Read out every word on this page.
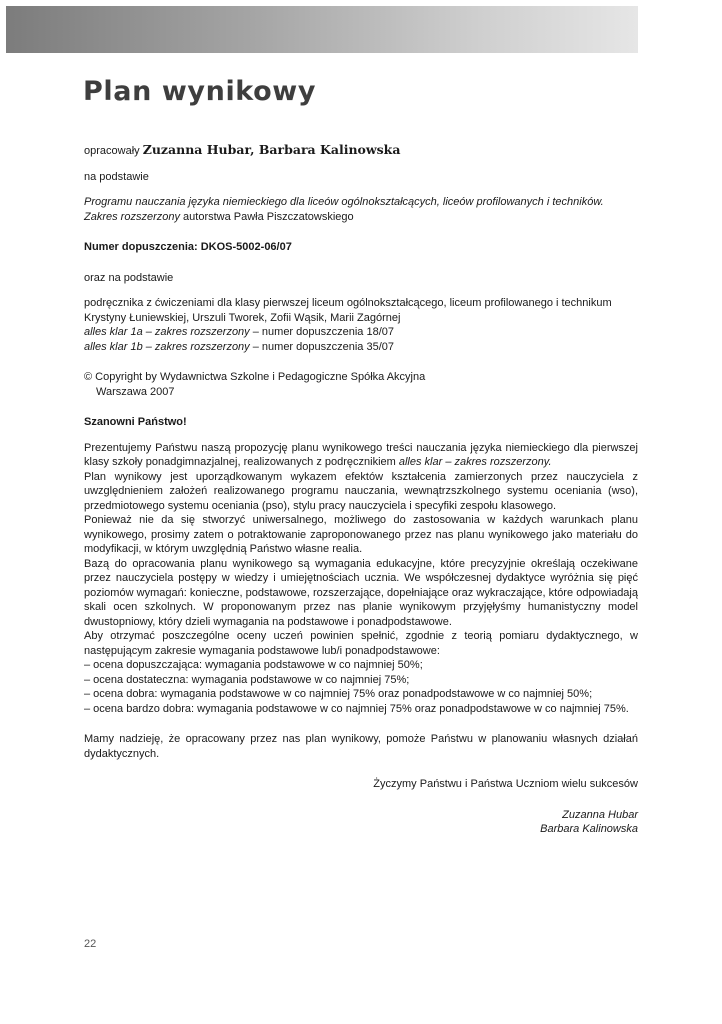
Plan wynikowy

opracowały Zuzanna Hubar, Barbara Kalinowska

na podstawie

Programu nauczania języka niemieckiego dla liceów ogólnokształcących, liceów profilowanych i techników.

Zakres rozszerzony autorstwa Pawła Piszczatowskiego

Numer dopuszczenia: DKOS-5002-06/07

oraz na podstawie

podręcznika z ćwiczeniami dla klasy pierwszej liceum ogólnokształcącego, liceum profilowanego i technikum

Krystyny Łuniewskiej, Urszuli Tworek, Zofii Wąsik, Marii Zagórnej

alles klar 1a – zakres rozszerzony – numer dopuszczenia 18/07

alles klar 1b – zakres rozszerzony – numer dopuszczenia 35/07

© Copyright by Wydawnictwa Szkolne i Pedagogiczne Spółka Akcyjna

Warszawa 2007

Szanowni Państwo!

Prezentujemy Państwu naszą propozycję planu wynikowego treści nauczania języka niemieckiego dla pierwszej klasy szkoły ponadgimnazjalnej, realizowanych z podręcznikiem alles klar – zakres rozszerzony.

Plan wynikowy jest uporządkowanym wykazem efektów kształcenia zamierzonych przez nauczyciela z uwzględnieniem założeń realizowanego programu nauczania, wewnątrzszkolnego systemu oceniania (wso), przedmiotowego systemu oceniania (pso), stylu pracy nauczyciela i specyfiki zespołu klasowego.

Ponieważ nie da się stworzyć uniwersalnego, możliwego do zastosowania w każdych warunkach planu wynikowego, prosimy zatem o potraktowanie zaproponowanego przez nas planu wynikowego jako materiału do modyfikacji, w którym uwzględnią Państwo własne realia.

Bazą do opracowania planu wynikowego są wymagania edukacyjne, które precyzyjnie określają oczekiwane przez nauczyciela postępy w wiedzy i umiejętnościach ucznia. We współczesnej dydaktyce wyróżnia się pięć poziomów wymagań: konieczne, podstawowe, rozszerzające, dopełniające oraz wykraczające, które odpowiadają skali ocen szkolnych. W proponowanym przez nas planie wynikowym przyjęłyśmy humanistyczny model dwustopniowy, który dzieli wymagania na podstawowe i ponadpodstawowe.

Aby otrzymać poszczególne oceny uczeń powinien spełnić, zgodnie z teorią pomiaru dydaktycznego, w następującym zakresie wymagania podstawowe lub/i ponadpodstawowe:

– ocena dopuszczająca: wymagania podstawowe w co najmniej 50%;

– ocena dostateczna: wymagania podstawowe w co najmniej 75%;

– ocena dobra: wymagania podstawowe w co najmniej 75% oraz ponadpodstawowe w co najmniej 50%;

– ocena bardzo dobra: wymagania podstawowe w co najmniej 75% oraz ponadpodstawowe w co najmniej 75%.

Mamy nadzieję, że opracowany przez nas plan wynikowy, pomoże Państwu w planowaniu własnych działań dydaktycznych.

Życzymy Państwu i Państwa Uczniom wielu sukcesów

Zuzanna Hubar

Barbara Kalinowska

22
